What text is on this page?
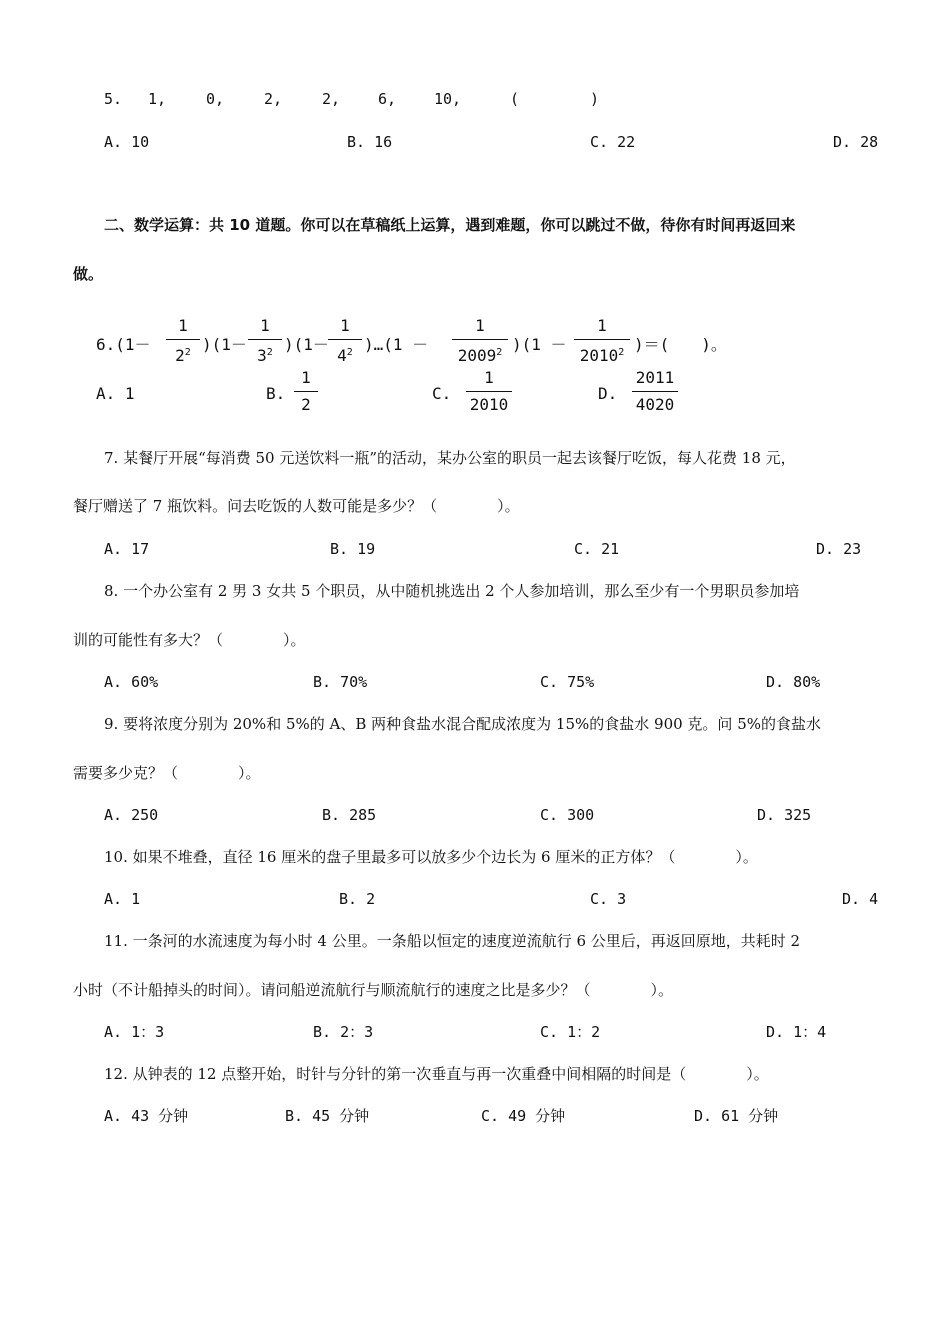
5. 1,	0,	2,	2,	6,	10,	(	)
A. 10	B. 16	C. 22	D. 28
二、数学运算：共 10 道题。你可以在草稿纸上运算，遇到难题，你可以跳过不做，待你有时间再返回来
做。
6.(1－
1
$2^2$ )(1－
1
$3^2$ )(1－
1
$4^2$ )…(1 －
1
2009$^2$ )(1 －
1
2010$^2$ )＝(　　)。
A. 1	B.
1
2
C.
1
2010
D.
2011
4020
7. 某餐厅开展“每消费 50 元送饮料一瓶”的活动，某办公室的职员一起去该餐厅吃饭，每人花费 18 元，
餐厅赠送了 7 瓶饮料。问去吃饭的人数可能是多少？（　　　　）。
A. 17	B. 19	C. 21	D. 23
8. 一个办公室有 2 男 3 女共 5 个职员，从中随机挑选出 2 个人参加培训，那么至少有一个男职员参加培
训的可能性有多大？（　　　　）。
A. 60%	B. 70%	C. 75%	D. 80%
9. 要将浓度分别为 20%和 5%的 A、B 两种食盐水混合配成浓度为 15%的食盐水 900 克。问 5%的食盐水
需要多少克？（　　　　）。
A. 250	B. 285	C. 300	D. 325
10. 如果不堆叠，直径 16 厘米的盘子里最多可以放多少个边长为 6 厘米的正方体？（　　　　）。
A. 1	B. 2	C. 3	D. 4
11. 一条河的水流速度为每小时 4 公里。一条船以恒定的速度逆流航行 6 公里后，再返回原地，共耗时 2
小时（不计船掉头的时间）。请问船逆流航行与顺流航行的速度之比是多少？（　　　　）。
A. 1：3	B. 2：3	C. 1：2	D. 1：4
12. 从钟表的 12 点整开始，时针与分针的第一次垂直与再一次重叠中间相隔的时间是（　　　　）。
A. 43 分钟	B. 45 分钟	C. 49 分钟	D. 61 分钟
